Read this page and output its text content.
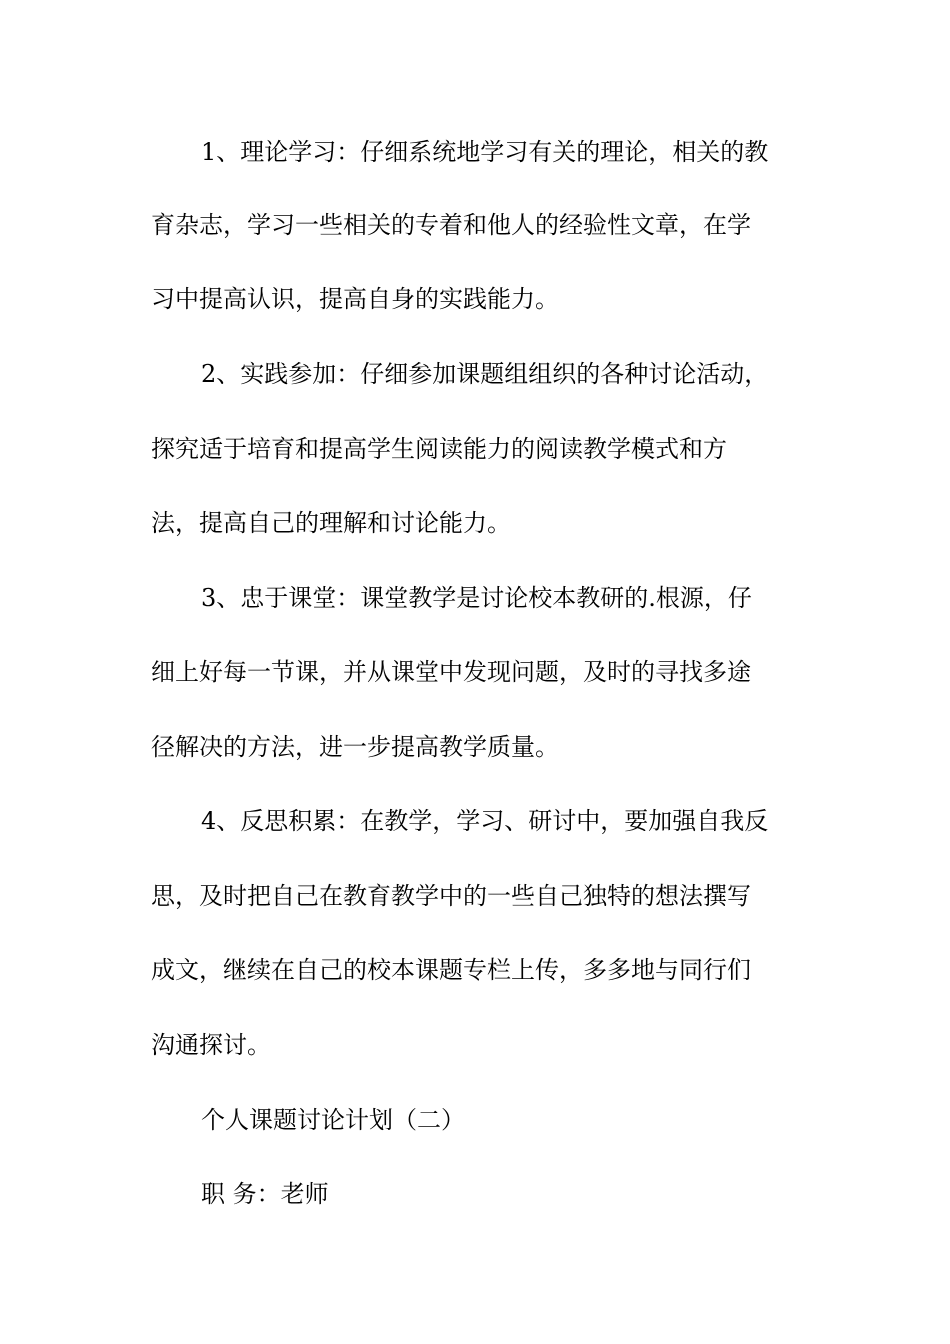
1、理论学习：仔细系统地学习有关的理论，相关的教
育杂志，学习一些相关的专着和他人的经验性文章，在学
习中提高认识，提高自身的实践能力。
2、实践参加：仔细参加课题组组织的各种讨论活动，
探究适于培育和提高学生阅读能力的阅读教学模式和方
法，提高自己的理解和讨论能力。
3、忠于课堂：课堂教学是讨论校本教研的.根源，仔
细上好每一节课，并从课堂中发现问题，及时的寻找多途
径解决的方法，进一步提高教学质量。
4、反思积累：在教学，学习、研讨中，要加强自我反
思，及时把自己在教育教学中的一些自己独特的想法撰写
成文，继续在自己的校本课题专栏上传，多多地与同行们
沟通探讨。
个人课题讨论计划（二）
职 务：老师
